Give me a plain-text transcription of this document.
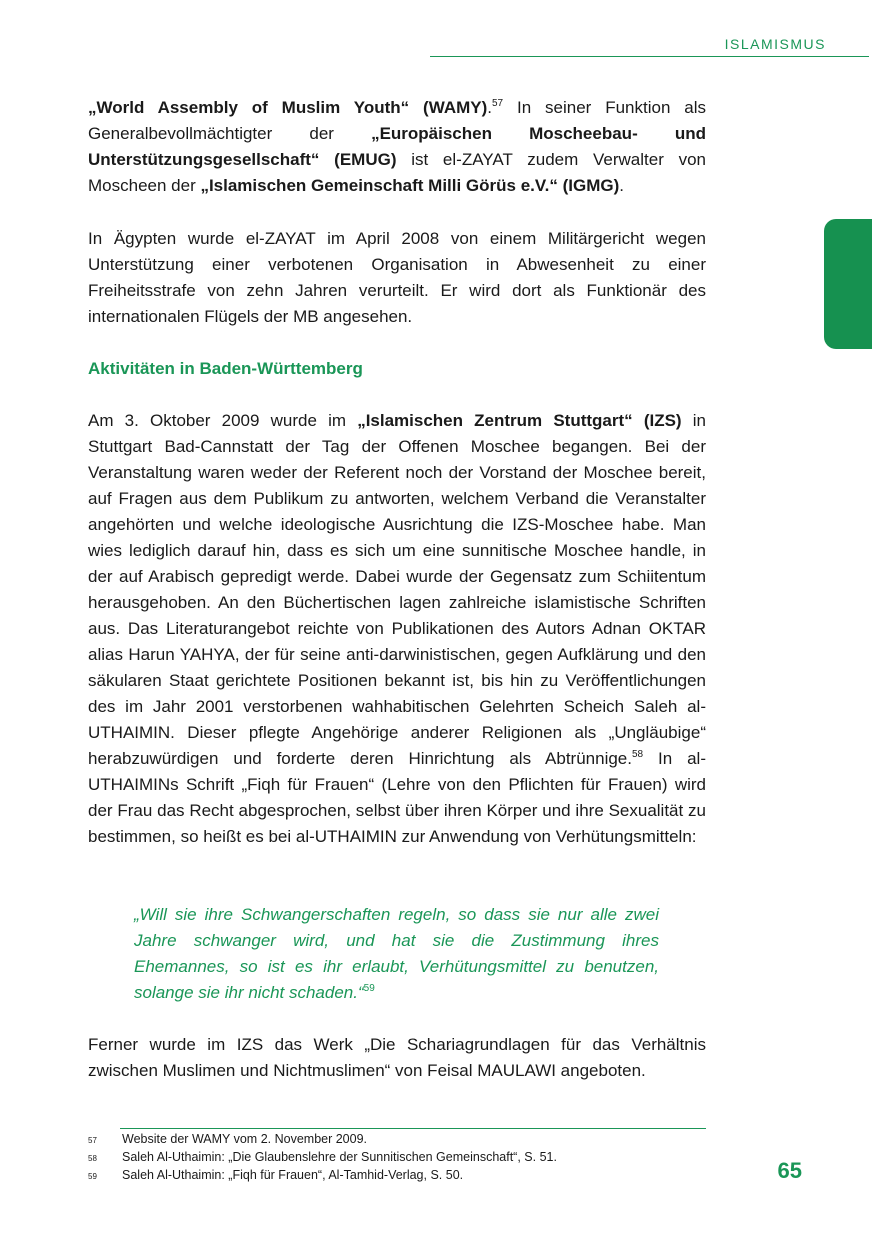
ISLAMISMUS
„World Assembly of Muslim Youth“ (WAMY).$^{57}$ In seiner Funktion als Generalbevollmächtigter der „Europäischen Moscheebau- und Unterstützungsgesellschaft“ (EMUG) ist el-ZAYAT zudem Verwalter von Moscheen der „Islamischen Gemeinschaft Milli Görüs e.V.“ (IGMG).
In Ägypten wurde el-ZAYAT im April 2008 von einem Militärgericht wegen Unterstützung einer verbotenen Organisation in Abwesenheit zu einer Freiheitsstrafe von zehn Jahren verurteilt. Er wird dort als Funktionär des internationalen Flügels der MB angesehen.
Aktivitäten in Baden-Württemberg
Am 3. Oktober 2009 wurde im „Islamischen Zentrum Stuttgart“ (IZS) in Stuttgart Bad-Cannstatt der Tag der Offenen Moschee begangen. Bei der Veranstaltung waren weder der Referent noch der Vorstand der Moschee bereit, auf Fragen aus dem Publikum zu antworten, welchem Verband die Veranstalter angehörten und welche ideologische Ausrichtung die IZS-Moschee habe. Man wies lediglich darauf hin, dass es sich um eine sunnitische Moschee handle, in der auf Arabisch gepredigt werde. Dabei wurde der Gegensatz zum Schiitentum herausgehoben. An den Büchertischen lagen zahlreiche islamistische Schriften aus. Das Literaturangebot reichte von Publikationen des Autors Adnan OKTAR alias Harun YAHYA, der für seine anti-darwinistischen, gegen Aufklärung und den säkularen Staat gerichtete Positionen bekannt ist, bis hin zu Veröffentlichungen des im Jahr 2001 verstorbenen wahhabitischen Gelehrten Scheich Saleh al-UTHAIMIN. Dieser pflegte Angehörige anderer Religionen als „Ungläubige“ herabzuwürdigen und forderte deren Hinrichtung als Abtrünnige.$^{58}$ In al-UTHAIMINs Schrift „Fiqh für Frauen“ (Lehre von den Pflichten für Frauen) wird der Frau das Recht abgesprochen, selbst über ihren Körper und ihre Sexualität zu bestimmen, so heißt es bei al-UTHAIMIN zur Anwendung von Verhütungsmitteln:
„Will sie ihre Schwangerschaften regeln, so dass sie nur alle zwei Jahre schwanger wird, und hat sie die Zustimmung ihres Ehemannes, so ist es ihr erlaubt, Verhütungsmittel zu benutzen, solange sie ihr nicht schaden.“$^{59}$
Ferner wurde im IZS das Werk „Die Schariagrundlagen für das Verhältnis zwischen Muslimen und Nichtmuslimen“ von Feisal MAULAWI angeboten.
57	Website der WAMY vom 2. November 2009.
58	Saleh Al-Uthaimin: „Die Glaubenslehre der Sunnitischen Gemeinschaft“, S. 51.
59	Saleh Al-Uthaimin: „Fiqh für Frauen“, Al-Tamhid-Verlag, S. 50.	65
